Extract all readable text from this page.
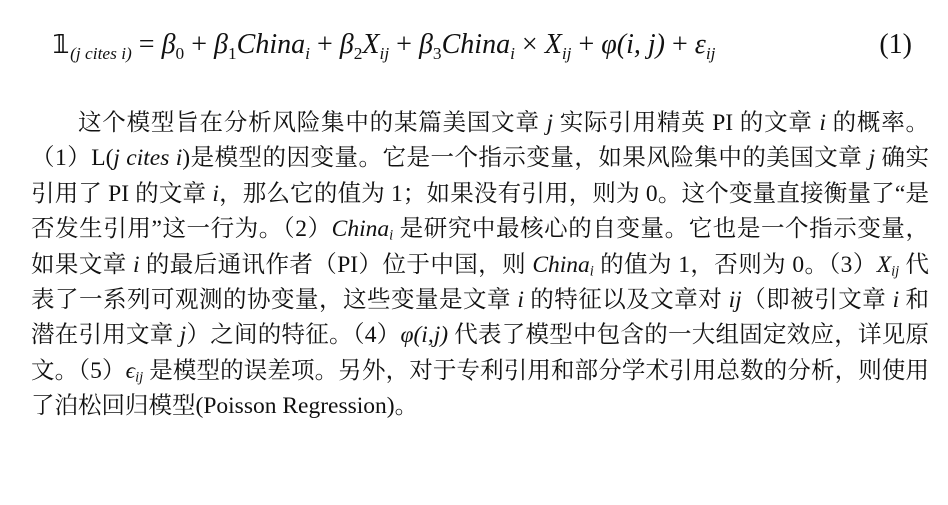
$𝟙_{(j cites i)} = \beta_0$ + $\beta_1China_i + \beta_2X_{ij}$ + $\beta_3China_i \times X_{ij} + \varphi(i$, $j) + \varepsilon_{ij}$	(1)

这个模型旨在分析风险集中的某篇美国文章 j 实际引用精英 PI 的文章 i 的概率。（1）L(j cites i)是模型的因变量。它是一个指示变量，如果风险集中的美国文章 j 确实引用了 PI 的文章 i，那么它的值为 1；如果没有引用，则为 0。这个变量直接衡量了“是否发生引用”这一行为。（2）Chinai 是研究中最核心的自变量。它也是一个指示变量，如果文章 i 的最后通讯作者（PI）位于中国，则 Chinai 的值为 1，否则为 0。（3）Xij 代表了一系列可观测的协变量，这些变量是文章 i 的特征以及文章对 ij（即被引文章 i 和潜在引用文章 j）之间的特征。（4）φ(i,j) 代表了模型中包含的一大组固定效应，详见原文。（5）ϵij 是模型的误差项。另外，对于专利引用和部分学术引用总数的分析，则使用了泊松回归模型(Poisson Regression)。
